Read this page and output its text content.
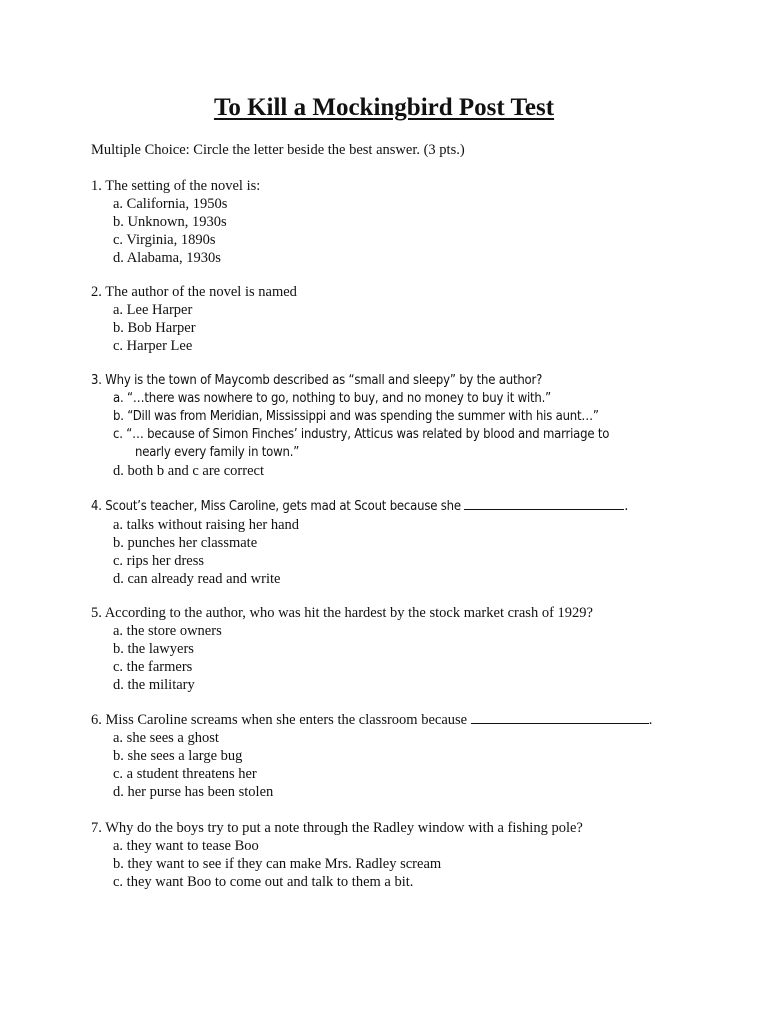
To Kill a Mockingbird Post Test
Multiple Choice: Circle the letter beside the best answer. (3 pts.)
1. The setting of the novel is:
a. California, 1950s
b. Unknown, 1930s
c. Virginia, 1890s
d. Alabama, 1930s
2. The author of the novel is named
a. Lee Harper
b. Bob Harper
c. Harper Lee
3. Why is the town of Maycomb described as “small and sleepy” by the author?
a. “…there was nowhere to go, nothing to buy, and no money to buy it with.”
b. “Dill was from Meridian, Mississippi and was spending the summer with his aunt…”
c. “… because of Simon Finches’ industry, Atticus was related by blood and marriage to
nearly every family in town.”
d. both b and c are correct
4. Scout’s teacher, Miss Caroline, gets mad at Scout because she	.
a. talks without raising her hand
b. punches her classmate
c. rips her dress
d. can already read and write
5. According to the author, who was hit the hardest by the stock market crash of 1929?
a. the store owners
b. the lawyers
c. the farmers
d. the military
6. Miss Caroline screams when she enters the classroom because	.
a. she sees a ghost
b. she sees a large bug
c. a student threatens her
d. her purse has been stolen
7. Why do the boys try to put a note through the Radley window with a fishing pole?
a. they want to tease Boo
b. they want to see if they can make Mrs. Radley scream
c. they want Boo to come out and talk to them a bit.
